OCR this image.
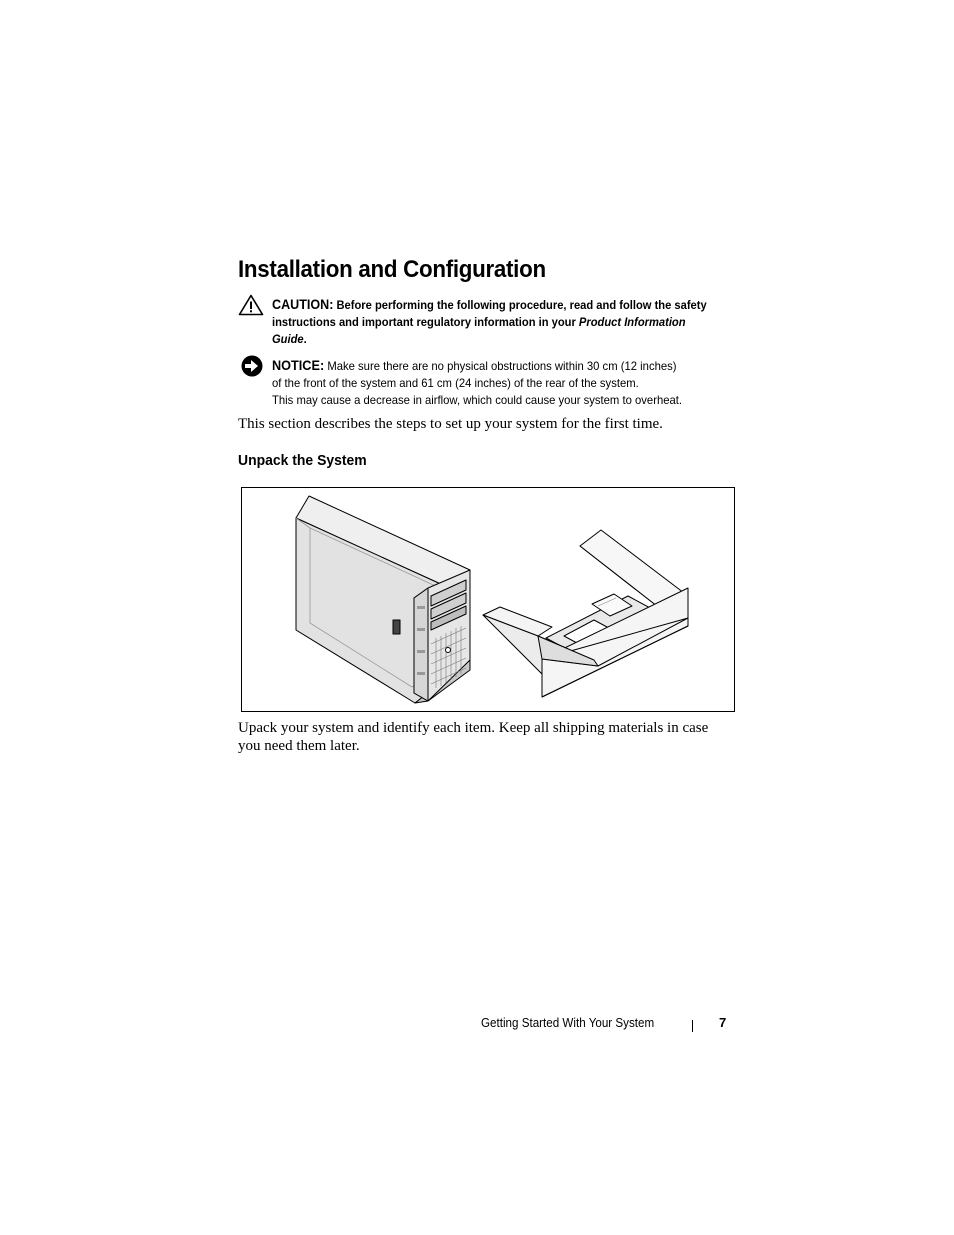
Installation and Configuration
CAUTION: Before performing the following procedure, read and follow the safety
instructions and important regulatory information in your Product Information
Guide.
NOTICE: Make sure there are no physical obstructions within 30 cm (12 inches)
of the front of the system and 61 cm (24 inches) of the rear of the system.
This may cause a decrease in airflow, which could cause your system to overheat.

This section describes the steps to set up your system for the first time.

Unpack the System

Upack your system and identify each item. Keep all shipping materials in case

you need them later.

Getting Started With Your System	7
